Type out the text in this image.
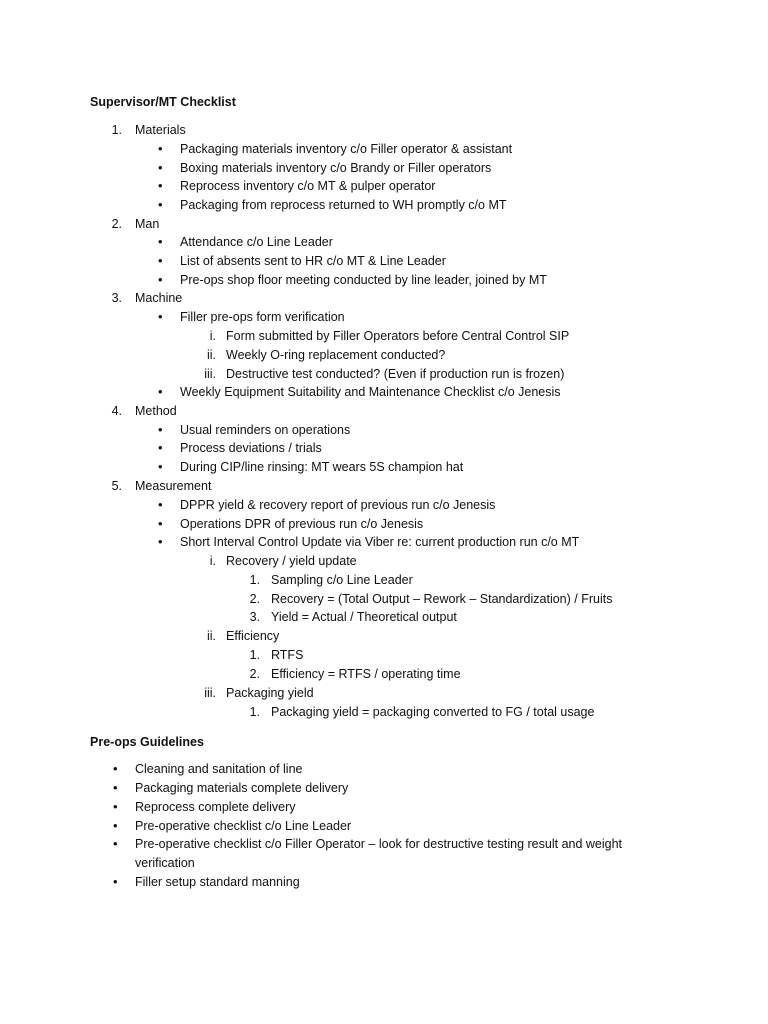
Supervisor/MT Checklist
1. Materials
• Packaging materials inventory c/o Filler operator & assistant
• Boxing materials inventory c/o Brandy or Filler operators
• Reprocess inventory c/o MT & pulper operator
• Packaging from reprocess returned to WH promptly c/o MT
2. Man
• Attendance c/o Line Leader
• List of absents sent to HR c/o MT & Line Leader
• Pre-ops shop floor meeting conducted by line leader, joined by MT
3. Machine
• Filler pre-ops form verification
i. Form submitted by Filler Operators before Central Control SIP
ii. Weekly O-ring replacement conducted?
iii. Destructive test conducted? (Even if production run is frozen)
• Weekly Equipment Suitability and Maintenance Checklist c/o Jenesis
4. Method
• Usual reminders on operations
• Process deviations / trials
• During CIP/line rinsing: MT wears 5S champion hat
5. Measurement
• DPPR yield & recovery report of previous run c/o Jenesis
• Operations DPR of previous run c/o Jenesis
• Short Interval Control Update via Viber re: current production run c/o MT
i. Recovery / yield update
1. Sampling c/o Line Leader
2. Recovery = (Total Output – Rework – Standardization) / Fruits
3. Yield = Actual / Theoretical output
ii. Efficiency
1. RTFS
2. Efficiency = RTFS / operating time
iii. Packaging yield
1. Packaging yield = packaging converted to FG / total usage
Pre-ops Guidelines
• Cleaning and sanitation of line
• Packaging materials complete delivery
• Reprocess complete delivery
• Pre-operative checklist c/o Line Leader
• Pre-operative checklist c/o Filler Operator – look for destructive testing result and weight verification
• Filler setup standard manning
